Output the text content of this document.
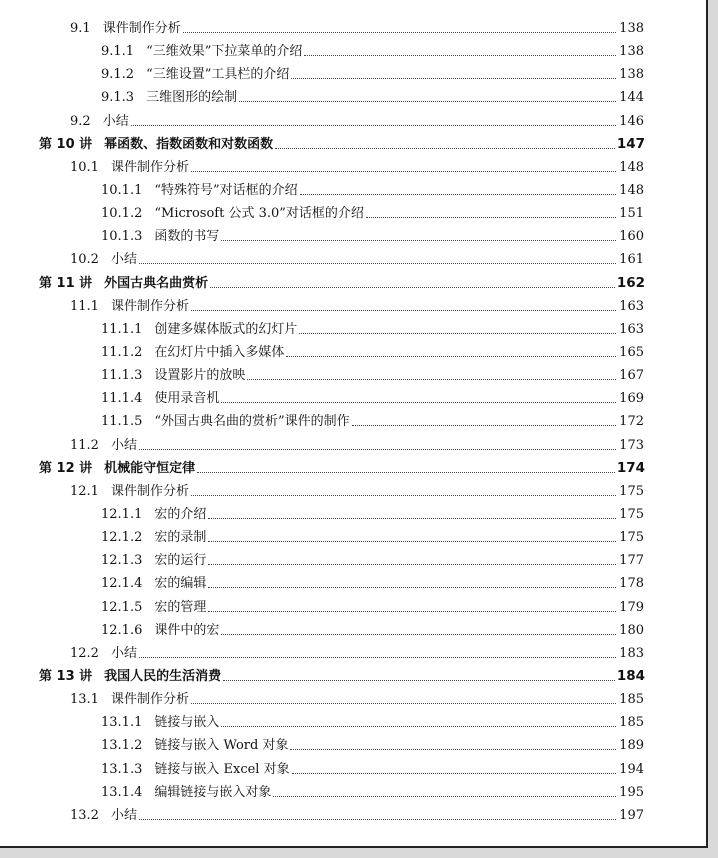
9.1 课件制作分析	138
9.1.1 “三维效果”下拉菜单的介绍	138
9.1.2 “三维设置”工具栏的介绍	138
9.1.3 三维图形的绘制	144
9.2 小结	146
第 10 讲 幂函数、指数函数和对数函数	147
10.1 课件制作分析	148
10.1.1 “特殊符号”对话框的介绍	148
10.1.2 “Microsoft 公式 3.0”对话框的介绍	151
10.1.3 函数的书写	160
10.2 小结	161
第 11 讲 外国古典名曲赏析	162
11.1 课件制作分析	163
11.1.1 创建多媒体版式的幻灯片	163
11.1.2 在幻灯片中插入多媒体	165
11.1.3 设置影片的放映	167
11.1.4 使用录音机	169
11.1.5 “外国古典名曲的赏析”课件的制作	172
11.2 小结	173
第 12 讲 机械能守恒定律	174
12.1 课件制作分析	175
12.1.1 宏的介绍	175
12.1.2 宏的录制	175
12.1.3 宏的运行	177
12.1.4 宏的编辑	178
12.1.5 宏的管理	179
12.1.6 课件中的宏	180
12.2 小结	183
第 13 讲 我国人民的生活消费	184
13.1 课件制作分析	185
13.1.1 链接与嵌入	185
13.1.2 链接与嵌入 Word 对象	189
13.1.3 链接与嵌入 Excel 对象	194
13.1.4 编辑链接与嵌入对象	195
13.2 小结	197
